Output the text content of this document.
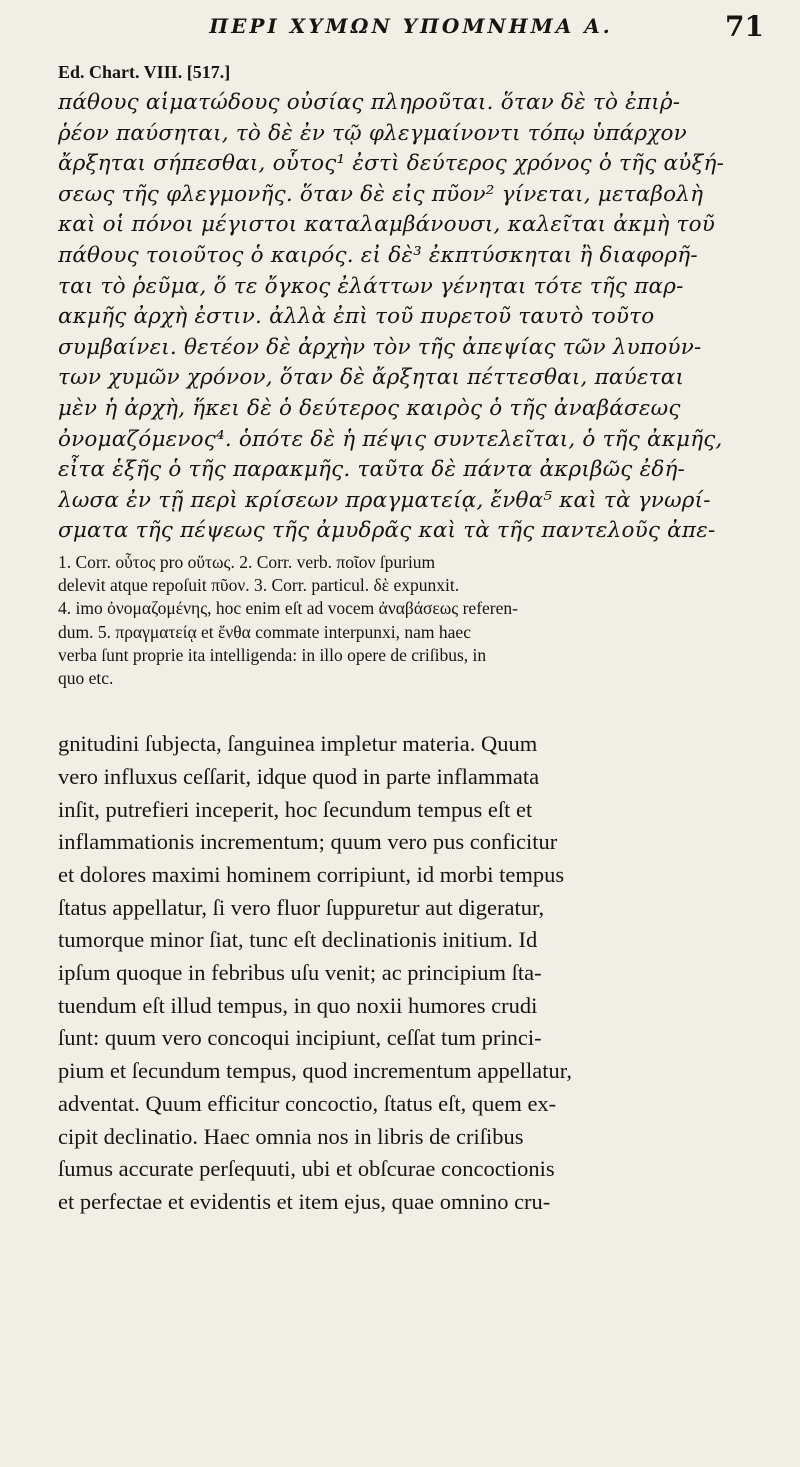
ΠΕΡΙ ΧΥΜΩΝ ΥΠΟΜΝΗΜΑ Α.	71
Ed. Chart. VIII. [517.]
πάθους αἱματώδους οὐσίας πληροῦται. ὅταν δὲ τὸ ἐπιῤ-
ῥέον παύσηται, τὸ δὲ ἐν τῷ φλεγμαίνοντι τόπῳ ὑπάρχον
ἄρξηται σήπεσθαι, οὗτος¹ ἐστὶ δεύτερος χρόνος ὁ τῆς αὐξή-
σεως τῆς φλεγμονῆς. ὅταν δὲ εἰς πῦον² γίνεται, μεταβολὴ
καὶ οἱ πόνοι μέγιστοι καταλαμβάνουσι, καλεῖται ἀκμὴ τοῦ
πάθους τοιοῦτος ὁ καιρός. εἰ δὲ³ ἐκπτύσκηται ἢ διαφορῆ-
ται τὸ ῥεῦμα, ὅ τε ὄγκος ἐλάττων γένηται τότε τῆς παρ-
ακμῆς ἀρχὴ ἐστιν. ἀλλὰ ἐπὶ τοῦ πυρετοῦ ταυτὸ τοῦτο
συμβαίνει. θετέον δὲ ἀρχὴν τὸν τῆς ἀπεψίας τῶν λυπούν-
των χυμῶν χρόνον, ὅταν δὲ ἄρξηται πέττεσθαι, παύεται
μὲν ἡ ἀρχὴ, ἥκει δὲ ὁ δεύτερος καιρὸς ὁ τῆς ἀναβάσεως
ὀνομαζόμενος⁴. ὁπότε δὲ ἡ πέψις συντελεῖται, ὁ τῆς ἀκμῆς,
εἶτα ἑξῆς ὁ τῆς παρακμῆς. ταῦτα δὲ πάντα ἀκριβῶς ἐδή-
λωσα ἐν τῇ περὶ κρίσεων πραγματείᾳ, ἔνθα⁵ καὶ τὰ γνωρί-
σματα τῆς πέψεως τῆς ἀμυδρᾶς καὶ τὰ τῆς παντελοῦς ἀπε-
1. Corr. οὗτος pro οὕτως. 2. Corr. verb. ποῖον ſpurium
delevit atque repoſuit πῦον. 3. Corr. particul. δὲ expunxit.
4. imo ὀνομαζομένης, hoc enim eſt ad vocem ἀναβάσεως referen-
dum. 5. πραγματείᾳ et ἔνθα commate interpunxi, nam haec
verba ſunt proprie ita intelligenda: in illo opere de criſibus, in
quo etc.
gnitudini ſubjecta, ſanguinea impletur materia. Quum
vero influxus ceſſarit, idque quod in parte inflammata
inſit, putrefieri inceperit, hoc ſecundum tempus eſt et
inflammationis incrementum; quum vero pus conficitur
et dolores maximi hominem corripiunt, id morbi tempus
ſtatus appellatur, ſi vero fluor ſuppuretur aut digeratur,
tumorque minor ſiat, tunc eſt declinationis initium. Id
ipſum quoque in febribus uſu venit; ac principium ſta-
tuendum eſt illud tempus, in quo noxii humores crudi
ſunt: quum vero concoqui incipiunt, ceſſat tum princi-
pium et ſecundum tempus, quod incrementum appellatur,
adventat. Quum efficitur concoctio, ſtatus eſt, quem ex-
cipit declinatio. Haec omnia nos in libris de criſibus
ſumus accurate perſequuti, ubi et obſcurae concoctionis
et perfectae et evidentis et item ejus, quae omnino cru-
